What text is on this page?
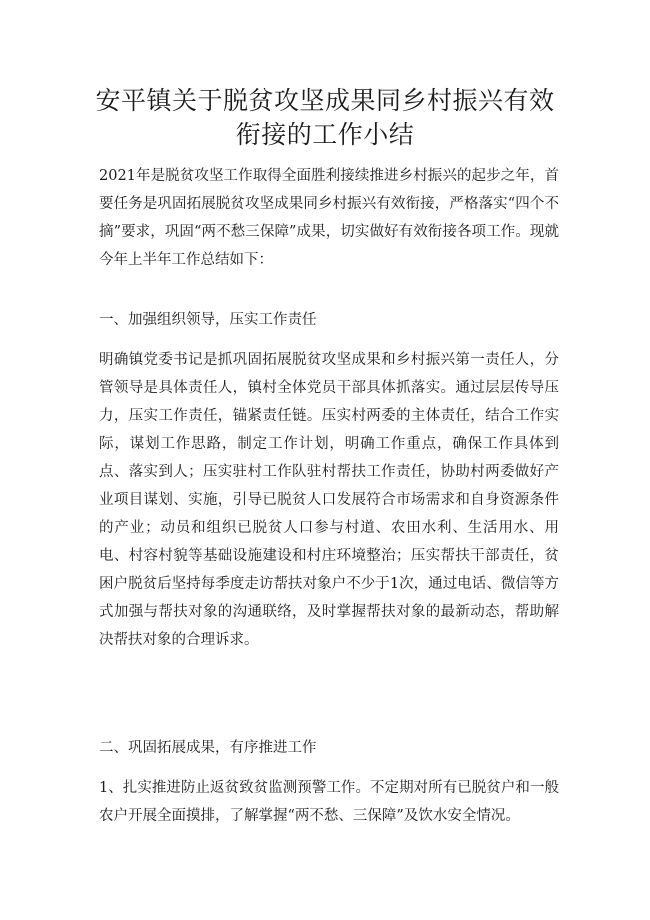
安平镇关于脱贫攻坚成果同乡村振兴有效
衔接的工作小结
2021年是脱贫攻坚工作取得全面胜利接续推进乡村振兴的起步之年，首要任务是巩固拓展脱贫攻坚成果同乡村振兴有效衔接，严格落实“四个不摘”要求，巩固“两不愁三保障”成果，切实做好有效衔接各项工作。现就今年上半年工作总结如下：
一、加强组织领导，压实工作责任
明确镇党委书记是抓巩固拓展脱贫攻坚成果和乡村振兴第一责任人，分管领导是具体责任人，镇村全体党员干部具体抓落实。通过层层传导压力，压实工作责任，锚紧责任链。压实村两委的主体责任，结合工作实际，谋划工作思路，制定工作计划，明确工作重点，确保工作具体到点、落实到人；压实驻村工作队驻村帮扶工作责任，协助村两委做好产业项目谋划、实施，引导已脱贫人口发展符合市场需求和自身资源条件的产业；动员和组织已脱贫人口参与村道、农田水利、生活用水、用电、村容村貌等基础设施建设和村庄环境整治；压实帮扶干部责任，贫困户脱贫后坚持每季度走访帮扶对象户不少于1次，通过电话、微信等方式加强与帮扶对象的沟通联络，及时掌握帮扶对象的最新动态，帮助解决帮扶对象的合理诉求。
二、巩固拓展成果，有序推进工作
1、扎实推进防止返贫致贫监测预警工作。不定期对所有已脱贫户和一般农户开展全面摸排，了解掌握“两不愁、三保障”及饮水安全情况。
